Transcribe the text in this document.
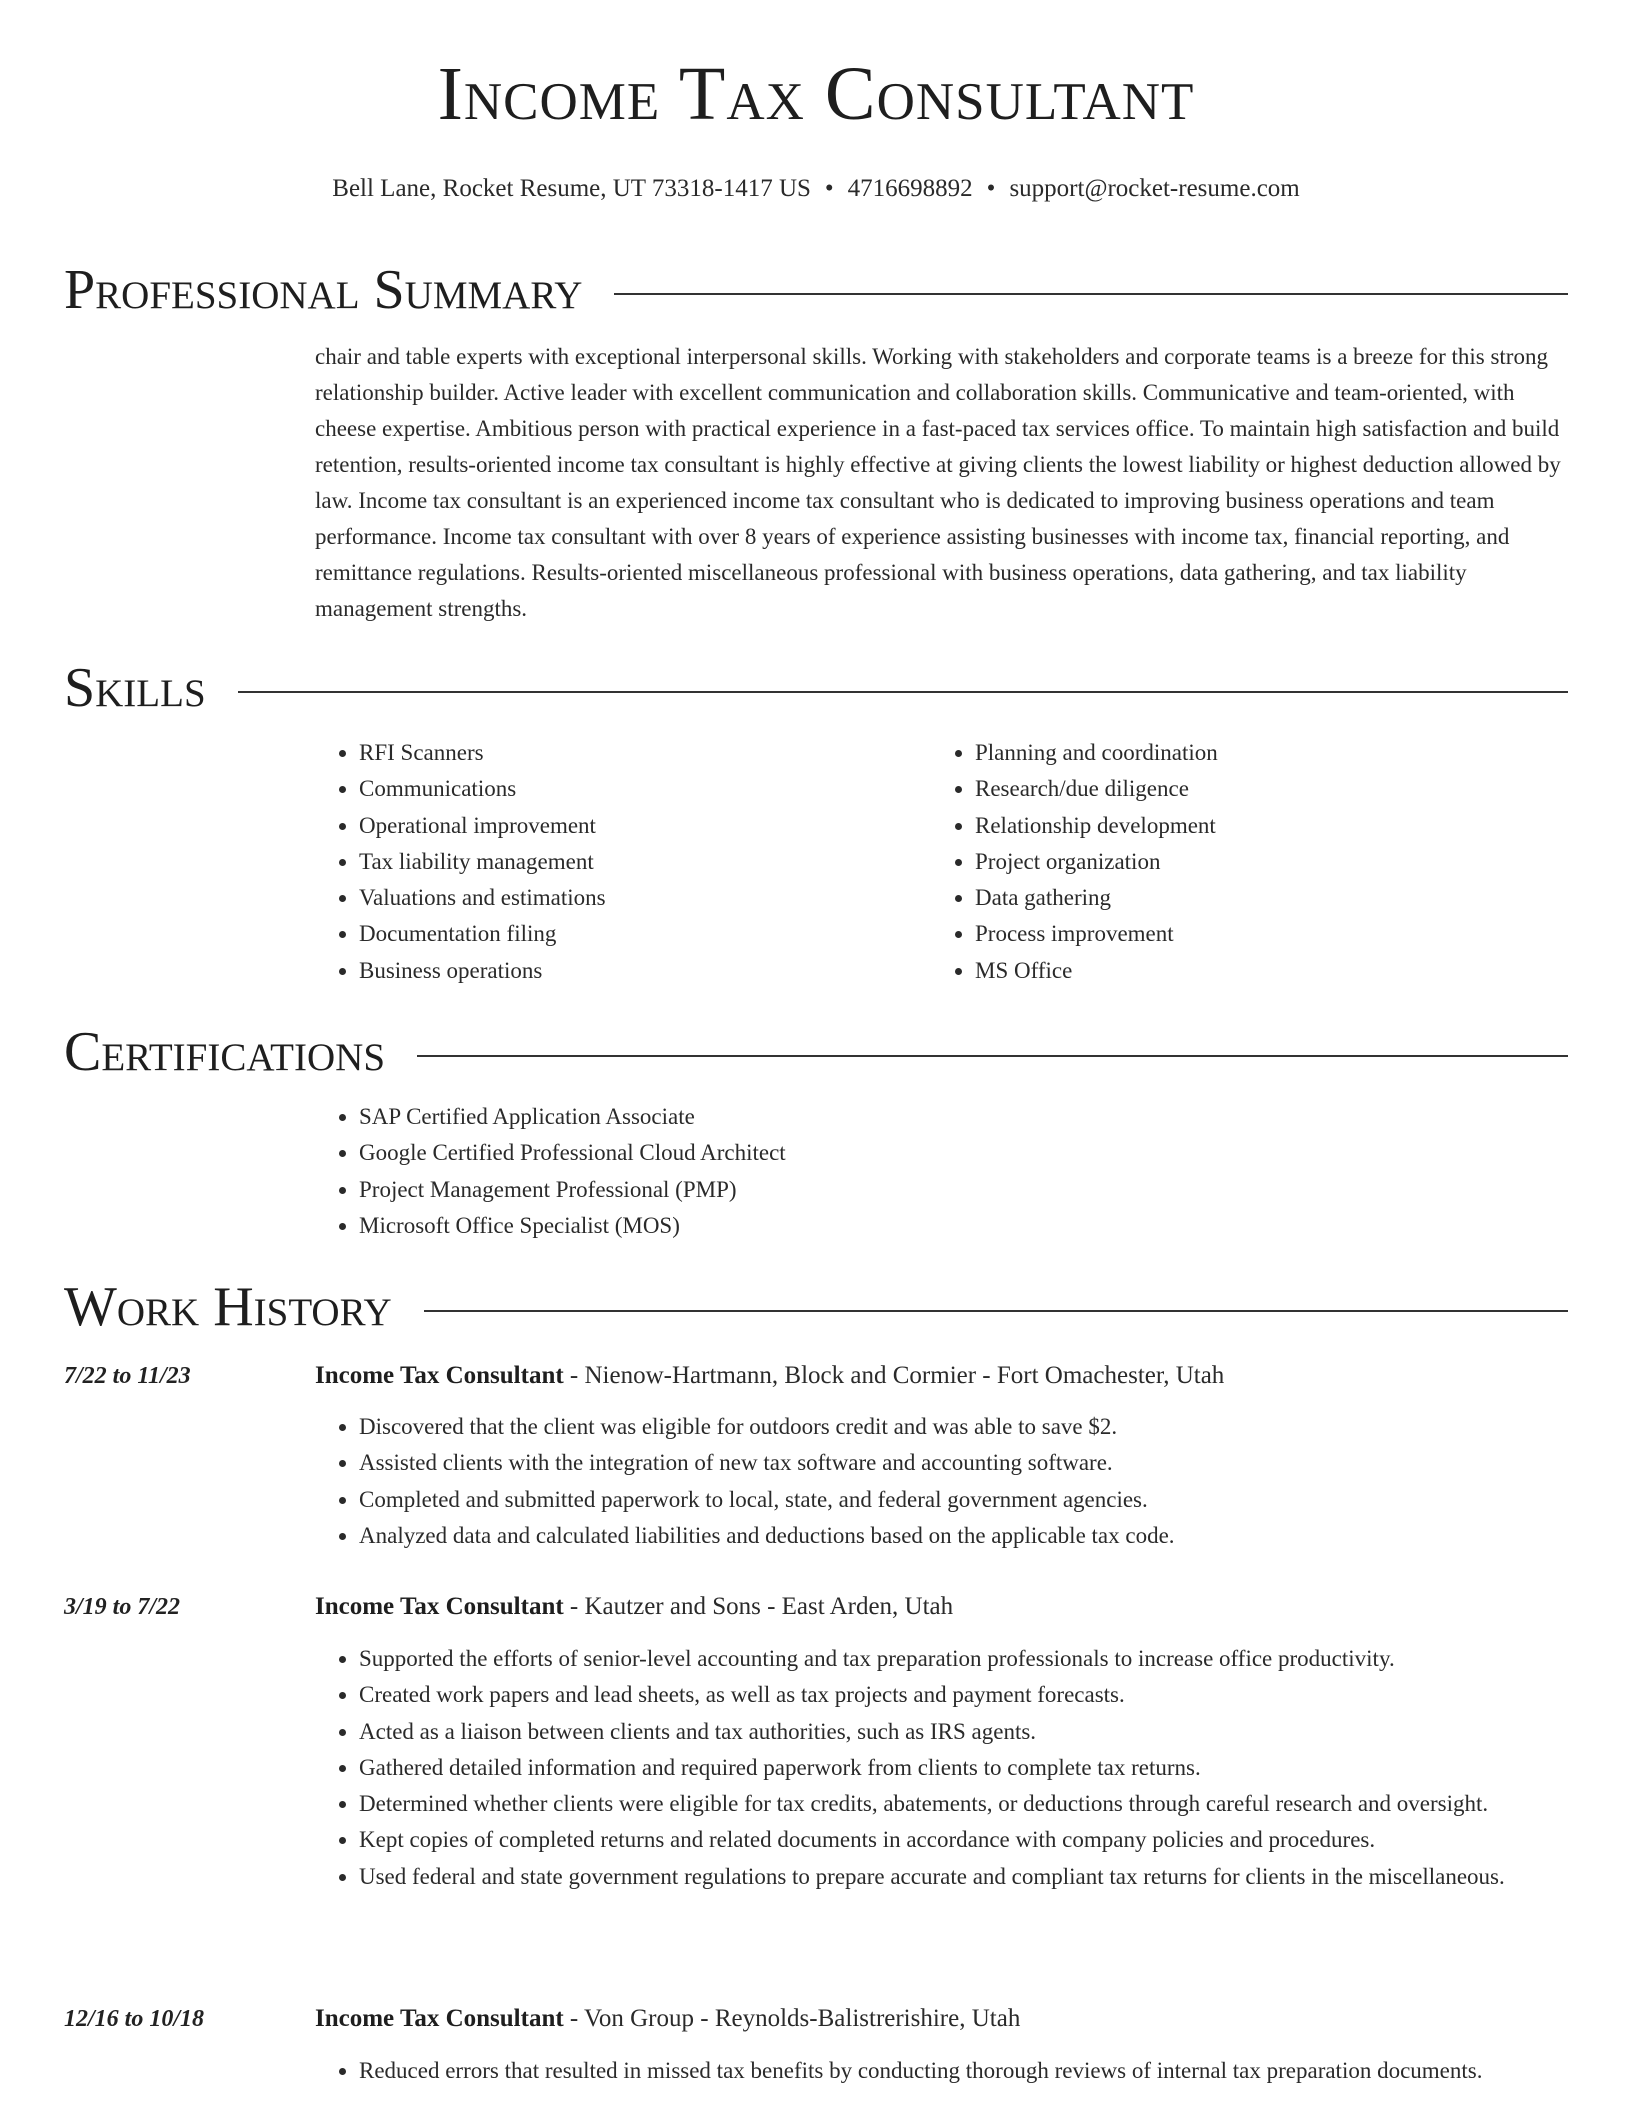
Income Tax Consultant
Bell Lane, Rocket Resume, UT 73318-1417 US • 4716698892 • support@rocket-resume.com
Professional Summary

chair and table experts with exceptional interpersonal skills. Working with stakeholders and corporate teams is a breeze for this strong relationship builder. Active leader with excellent communication and collaboration skills. Communicative and team-oriented, with cheese expertise. Ambitious person with practical experience in a fast-paced tax services office. To maintain high satisfaction and build retention, results-oriented income tax consultant is highly effective at giving clients the lowest liability or highest deduction allowed by law. Income tax consultant is an experienced income tax consultant who is dedicated to improving business operations and team performance. Income tax consultant with over 8 years of experience assisting businesses with income tax, financial reporting, and remittance regulations. Results-oriented miscellaneous professional with business operations, data gathering, and tax liability management strengths.

Skills
• RFI Scanners
• Communications
• Operational improvement
• Tax liability management
• Valuations and estimations
• Documentation filing
• Business operations
• Planning and coordination
• Research/due diligence
• Relationship development
• Project organization
• Data gathering
• Process improvement
• MS Office
Certifications
• SAP Certified Application Associate
• Google Certified Professional Cloud Architect
• Project Management Professional (PMP)
• Microsoft Office Specialist (MOS)
Work History
7/22 to 11/23	Income Tax Consultant - Nienow-Hartmann, Block and Cormier - Fort Omachester, Utah
• Discovered that the client was eligible for outdoors credit and was able to save $2.
• Assisted clients with the integration of new tax software and accounting software.
• Completed and submitted paperwork to local, state, and federal government agencies.
• Analyzed data and calculated liabilities and deductions based on the applicable tax code.
3/19 to 7/22	Income Tax Consultant - Kautzer and Sons - East Arden, Utah
• Supported the efforts of senior-level accounting and tax preparation professionals to increase office productivity.
• Created work papers and lead sheets, as well as tax projects and payment forecasts.
• Acted as a liaison between clients and tax authorities, such as IRS agents.
• Gathered detailed information and required paperwork from clients to complete tax returns.
• Determined whether clients were eligible for tax credits, abatements, or deductions through careful research and oversight.
• Kept copies of completed returns and related documents in accordance with company policies and procedures.
• Used federal and state government regulations to prepare accurate and compliant tax returns for clients in the miscellaneous.
12/16 to 10/18	Income Tax Consultant - Von Group - Reynolds-Balistrerishire, Utah
• Reduced errors that resulted in missed tax benefits by conducting thorough reviews of internal tax preparation documents.
